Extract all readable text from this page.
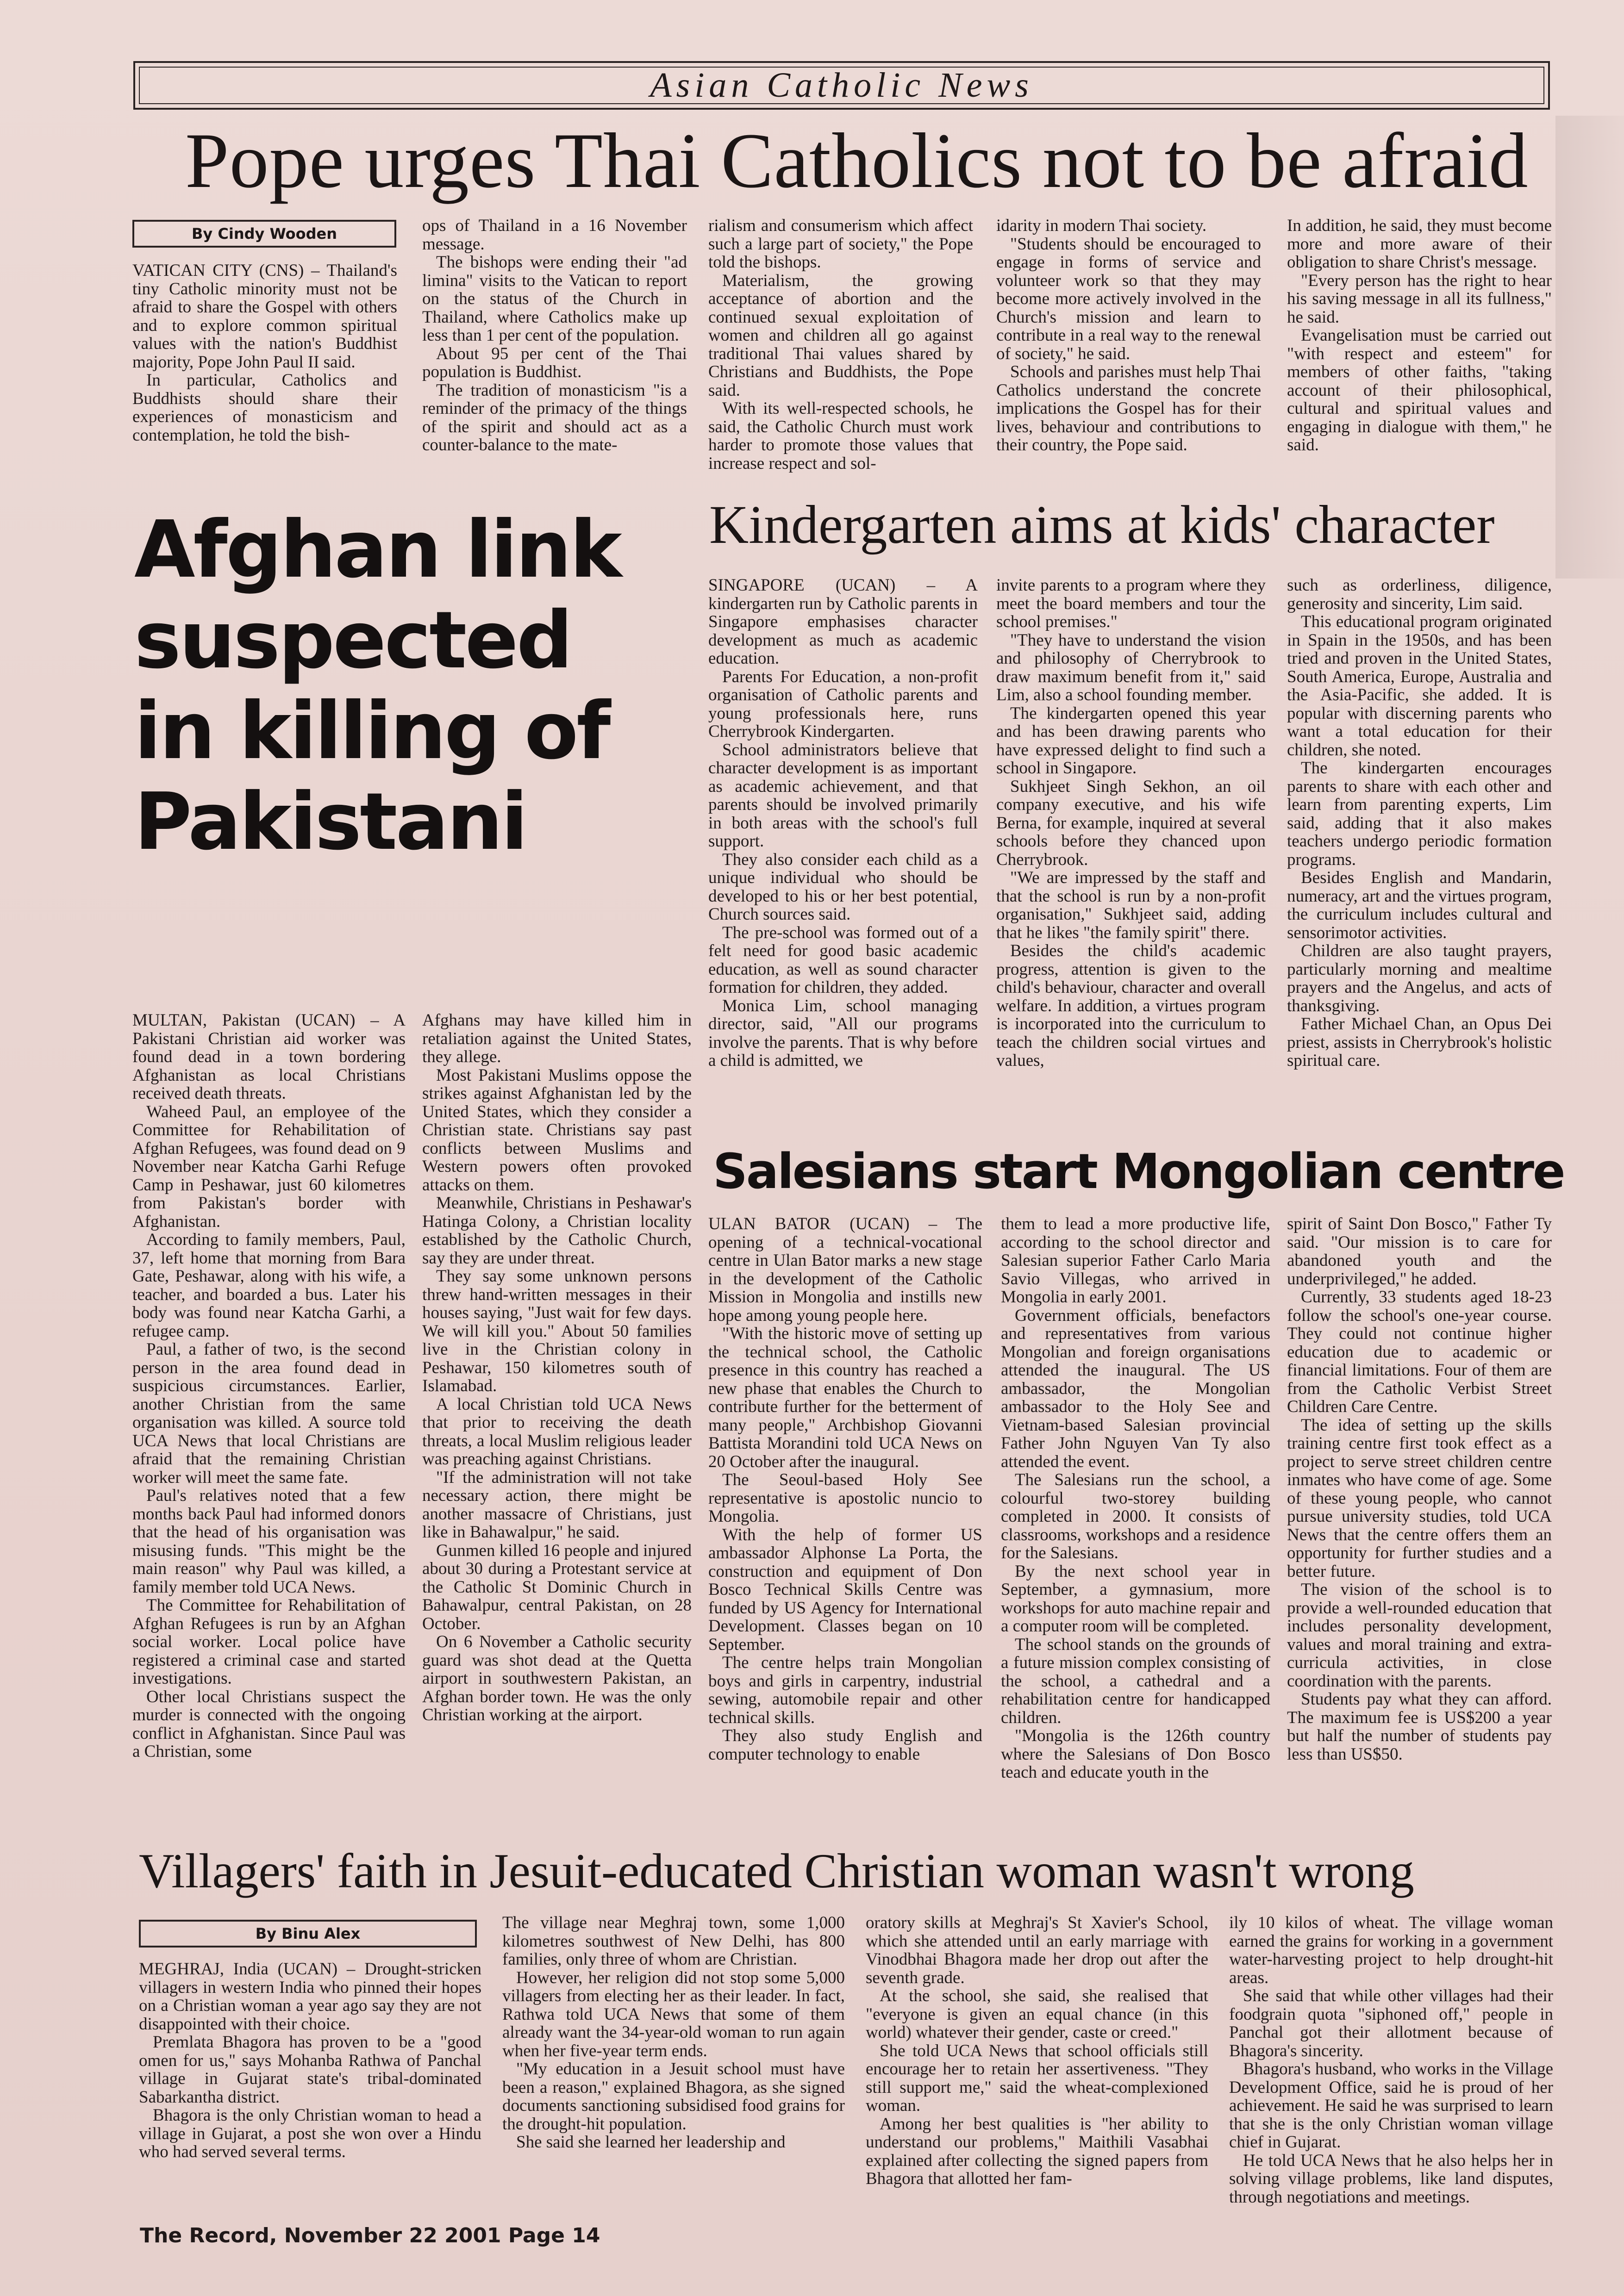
Asian Catholic News
Pope urges Thai Catholics not to be afraid
By Cindy Wooden

VATICAN CITY (CNS) – Thailand's tiny Catholic minority must not be afraid to share the Gospel with others and to explore common spiritual values with the nation's Buddhist majority, Pope John Paul II said.

In particular, Catholics and Buddhists should share their experiences of monasticism and contemplation, he told the bish-

ops of Thailand in a 16 November message.

The bishops were ending their "ad limina" visits to the Vatican to report on the status of the Church in Thailand, where Catholics make up less than 1 per cent of the population.

About 95 per cent of the Thai population is Buddhist.

The tradition of monasticism "is a reminder of the primacy of the things of the spirit and should act as a counter-balance to the mate-

rialism and consumerism which affect such a large part of society," the Pope told the bishops.

Materialism, the growing acceptance of abortion and the continued sexual exploitation of women and children all go against traditional Thai values shared by Christians and Buddhists, the Pope said.

With its well-respected schools, he said, the Catholic Church must work harder to promote those values that increase respect and sol-

idarity in modern Thai society.

"Students should be encouraged to engage in forms of service and volunteer work so that they may become more actively involved in the Church's mission and learn to contribute in a real way to the renewal of society," he said.

Schools and parishes must help Thai Catholics understand the concrete implications the Gospel has for their lives, behaviour and contributions to their country, the Pope said.

In addition, he said, they must become more and more aware of their obligation to share Christ's message.

"Every person has the right to hear his saving message in all its fullness," he said.

Evangelisation must be carried out "with respect and esteem" for members of other faiths, "taking account of their philosophical, cultural and spiritual values and engaging in dialogue with them," he said.

Afghan link
suspected
in killing of
Pakistani

MULTAN, Pakistan (UCAN) – A Pakistani Christian aid worker was found dead in a town bordering Afghanistan as local Christians received death threats.

Waheed Paul, an employee of the Committee for Rehabilitation of Afghan Refugees, was found dead on 9 November near Katcha Garhi Refuge Camp in Peshawar, just 60 kilometres from Pakistan's border with Afghanistan.

According to family members, Paul, 37, left home that morning from Bara Gate, Peshawar, along with his wife, a teacher, and boarded a bus. Later his body was found near Katcha Garhi, a refugee camp.

Paul, a father of two, is the second person in the area found dead in suspicious circumstances. Earlier, another Christian from the same organisation was killed. A source told UCA News that local Christians are afraid that the remaining Christian worker will meet the same fate.

Paul's relatives noted that a few months back Paul had informed donors that the head of his organisation was misusing funds. "This might be the main reason" why Paul was killed, a family member told UCA News.

The Committee for Rehabilitation of Afghan Refugees is run by an Afghan social worker. Local police have registered a criminal case and started investigations.

Other local Christians suspect the murder is connected with the ongoing conflict in Afghanistan. Since Paul was a Christian, some

Afghans may have killed him in retaliation against the United States, they allege.

Most Pakistani Muslims oppose the strikes against Afghanistan led by the United States, which they consider a Christian state. Christians say past conflicts between Muslims and Western powers often provoked attacks on them.

Meanwhile, Christians in Peshawar's Hatinga Colony, a Christian locality established by the Catholic Church, say they are under threat.

They say some unknown persons threw hand-written messages in their houses saying, "Just wait for few days. We will kill you." About 50 families live in the Christian colony in Peshawar, 150 kilometres south of Islamabad.

A local Christian told UCA News that prior to receiving the death threats, a local Muslim religious leader was preaching against Christians.

"If the administration will not take necessary action, there might be another massacre of Christians, just like in Bahawalpur," he said.

Gunmen killed 16 people and injured about 30 during a Protestant service at the Catholic St Dominic Church in Bahawalpur, central Pakistan, on 28 October.

On 6 November a Catholic security guard was shot dead at the Quetta airport in southwestern Pakistan, an Afghan border town. He was the only Christian working at the airport.

Kindergarten aims at kids' character

SINGAPORE (UCAN) – A kindergarten run by Catholic parents in Singapore emphasises character development as much as academic education.

Parents For Education, a non-profit organisation of Catholic parents and young professionals here, runs Cherrybrook Kindergarten.

School administrators believe that character development is as important as academic achievement, and that parents should be involved primarily in both areas with the school's full support.

They also consider each child as a unique individual who should be developed to his or her best potential, Church sources said.

The pre-school was formed out of a felt need for good basic academic education, as well as sound character formation for children, they added.

Monica Lim, school managing director, said, "All our programs involve the parents. That is why before a child is admitted, we

invite parents to a program where they meet the board members and tour the school premises."

"They have to understand the vision and philosophy of Cherrybrook to draw maximum benefit from it," said Lim, also a school founding member.

The kindergarten opened this year and has been drawing parents who have expressed delight to find such a school in Singapore.

Sukhjeet Singh Sekhon, an oil company executive, and his wife Berna, for example, inquired at several schools before they chanced upon Cherrybrook.

"We are impressed by the staff and that the school is run by a non-profit organisation," Sukhjeet said, adding that he likes "the family spirit" there.

Besides the child's academic progress, attention is given to the child's behaviour, character and overall welfare. In addition, a virtues program is incorporated into the curriculum to teach the children social virtues and values,

such as orderliness, diligence, generosity and sincerity, Lim said.

This educational program originated in Spain in the 1950s, and has been tried and proven in the United States, South America, Europe, Australia and the Asia-Pacific, she added. It is popular with discerning parents who want a total education for their children, she noted.

The kindergarten encourages parents to share with each other and learn from parenting experts, Lim said, adding that it also makes teachers undergo periodic formation programs.

Besides English and Mandarin, numeracy, art and the virtues program, the curriculum includes cultural and sensorimotor activities.

Children are also taught prayers, particularly morning and mealtime prayers and the Angelus, and acts of thanksgiving.

Father Michael Chan, an Opus Dei priest, assists in Cherrybrook's holistic spiritual care.

Salesians start Mongolian centre

ULAN BATOR (UCAN) – The opening of a technical-vocational centre in Ulan Bator marks a new stage in the development of the Catholic Mission in Mongolia and instills new hope among young people here.

"With the historic move of setting up the technical school, the Catholic presence in this country has reached a new phase that enables the Church to contribute further for the betterment of many people," Archbishop Giovanni Battista Morandini told UCA News on 20 October after the inaugural.

The Seoul-based Holy See representative is apostolic nuncio to Mongolia.

With the help of former US ambassador Alphonse La Porta, the construction and equipment of Don Bosco Technical Skills Centre was funded by US Agency for International Development. Classes began on 10 September.

The centre helps train Mongolian boys and girls in carpentry, industrial sewing, automobile repair and other technical skills.

They also study English and computer technology to enable

them to lead a more productive life, according to the school director and Salesian superior Father Carlo Maria Savio Villegas, who arrived in Mongolia in early 2001.

Government officials, benefactors and representatives from various Mongolian and foreign organisations attended the inaugural. The US ambassador, the Mongolian ambassador to the Holy See and Vietnam-based Salesian provincial Father John Nguyen Van Ty also attended the event.

The Salesians run the school, a colourful two-storey building completed in 2000. It consists of classrooms, workshops and a residence for the Salesians.

By the next school year in September, a gymnasium, more workshops for auto machine repair and a computer room will be completed.

The school stands on the grounds of a future mission complex consisting of the school, a cathedral and a rehabilitation centre for handicapped children.

"Mongolia is the 126th country where the Salesians of Don Bosco teach and educate youth in the

spirit of Saint Don Bosco," Father Ty said. "Our mission is to care for abandoned youth and the underprivileged," he added.

Currently, 33 students aged 18-23 follow the school's one-year course. They could not continue higher education due to academic or financial limitations. Four of them are from the Catholic Verbist Street Children Care Centre.

The idea of setting up the skills training centre first took effect as a project to serve street children centre inmates who have come of age. Some of these young people, who cannot pursue university studies, told UCA News that the centre offers them an opportunity for further studies and a better future.

The vision of the school is to provide a well-rounded education that includes personality development, values and moral training and extra-curricula activities, in close coordination with the parents.

Students pay what they can afford. The maximum fee is US$200 a year but half the number of students pay less than US$50.

Villagers' faith in Jesuit-educated Christian woman wasn't wrong
By Binu Alex

MEGHRAJ, India (UCAN) – Drought-stricken villagers in western India who pinned their hopes on a Christian woman a year ago say they are not disappointed with their choice.

Premlata Bhagora has proven to be a "good omen for us," says Mohanba Rathwa of Panchal village in Gujarat state's tribal-dominated Sabarkantha district.

Bhagora is the only Christian woman to head a village in Gujarat, a post she won over a Hindu who had served several terms.

The village near Meghraj town, some 1,000 kilometres southwest of New Delhi, has 800 families, only three of whom are Christian.

However, her religion did not stop some 5,000 villagers from electing her as their leader. In fact, Rathwa told UCA News that some of them already want the 34-year-old woman to run again when her five-year term ends.

"My education in a Jesuit school must have been a reason," explained Bhagora, as she signed documents sanctioning subsidised food grains for the drought-hit population.

She said she learned her leadership and

oratory skills at Meghraj's St Xavier's School, which she attended until an early marriage with Vinodbhai Bhagora made her drop out after the seventh grade.

At the school, she said, she realised that "everyone is given an equal chance (in this world) whatever their gender, caste or creed."

She told UCA News that school officials still encourage her to retain her assertiveness. "They still support me," said the wheat-complexioned woman.

Among her best qualities is "her ability to understand our problems," Maithili Vasabhai explained after collecting the signed papers from Bhagora that allotted her fam-

ily 10 kilos of wheat. The village woman earned the grains for working in a government water-harvesting project to help drought-hit areas.

She said that while other villages had their foodgrain quota "siphoned off," people in Panchal got their allotment because of Bhagora's sincerity.

Bhagora's husband, who works in the Village Development Office, said he is proud of her achievement. He said he was surprised to learn that she is the only Christian woman village chief in Gujarat.

He told UCA News that he also helps her in solving village problems, like land disputes, through negotiations and meetings.

The Record, November 22 2001 Page 14
